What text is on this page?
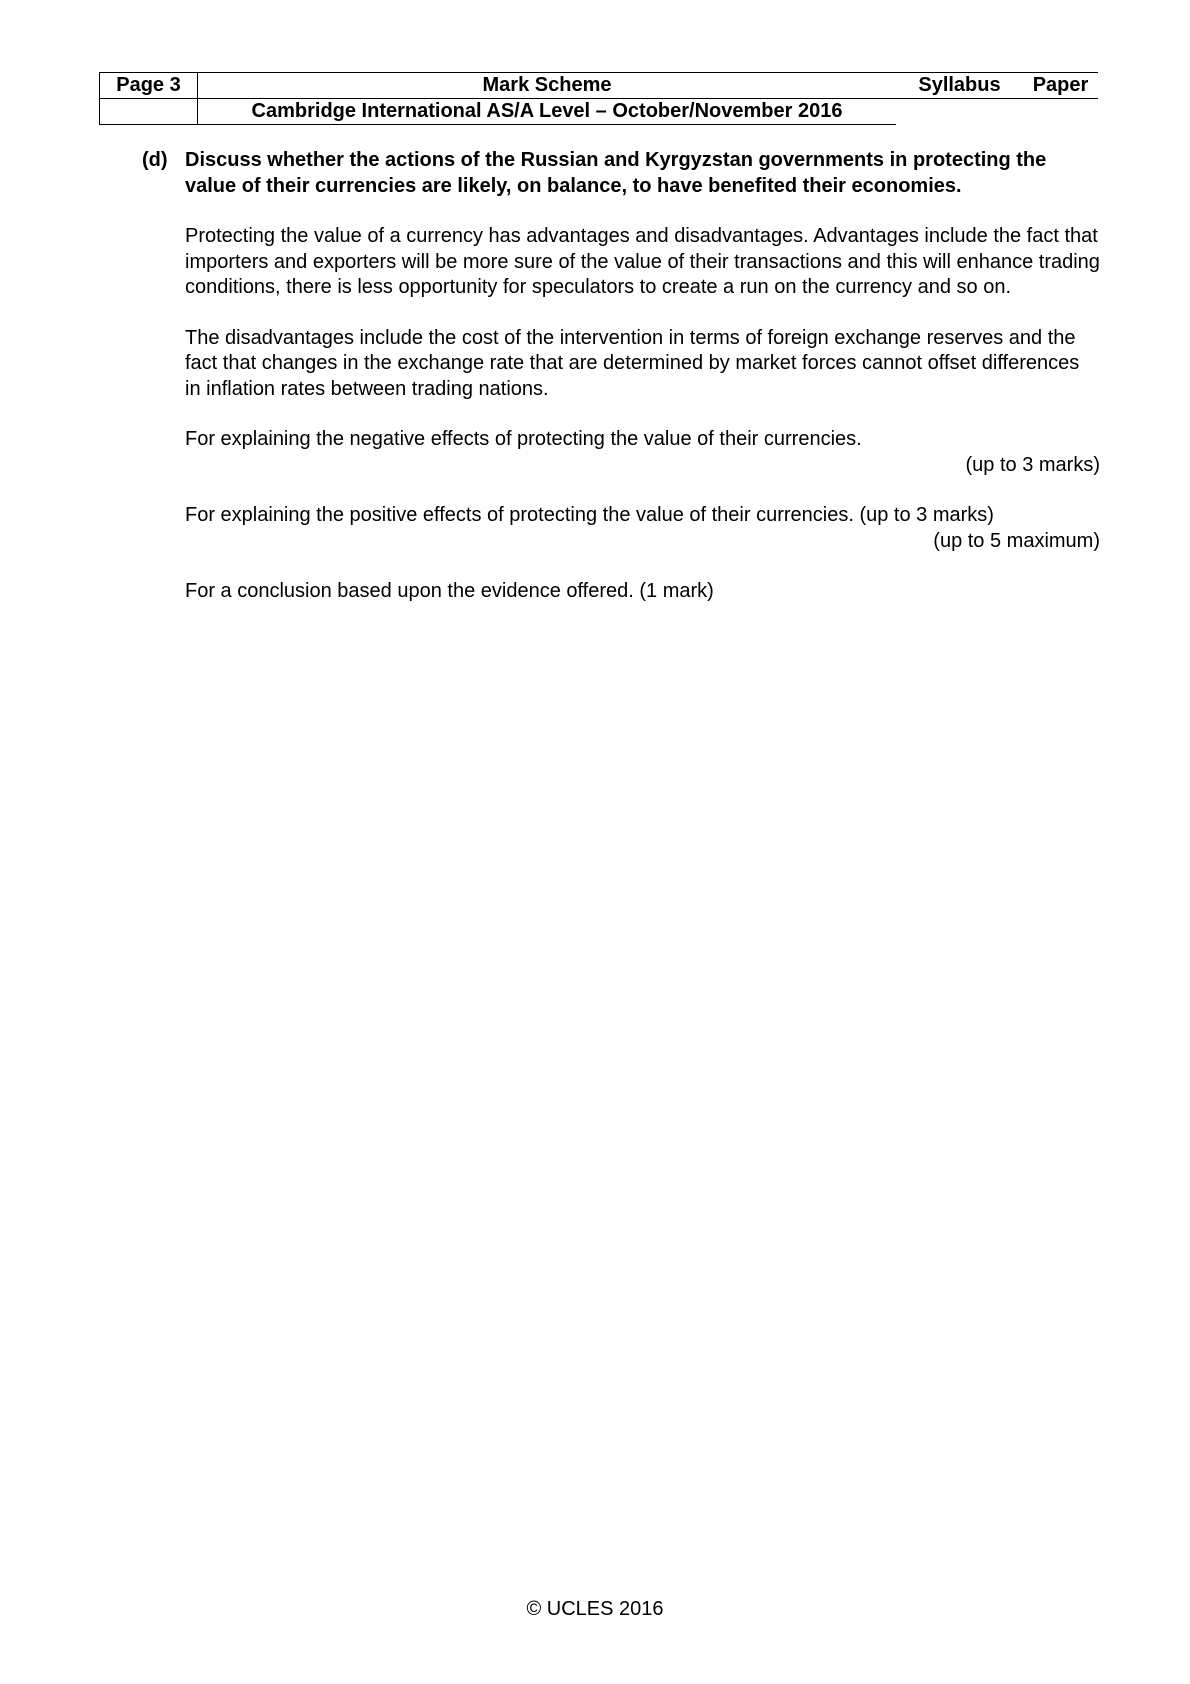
Page 3	Mark Scheme	Syllabus	Paper
	Cambridge International AS/A Level – October/November 2016		
(d) Discuss whether the actions of the Russian and Kyrgyzstan governments in protecting the value of their currencies are likely, on balance, to have benefited their economies.

Protecting the value of a currency has advantages and disadvantages. Advantages include the fact that importers and exporters will be more sure of the value of their transactions and this will enhance trading conditions, there is less opportunity for speculators to create a run on the currency and so on.

The disadvantages include the cost of the intervention in terms of foreign exchange reserves and the fact that changes in the exchange rate that are determined by market forces cannot offset differences in inflation rates between trading nations.

For explaining the negative effects of protecting the value of their currencies.

(up to 3 marks)

For explaining the positive effects of protecting the value of their currencies. (up to 3 marks)

(up to 5 maximum)

For a conclusion based upon the evidence offered. (1 mark)

© UCLES 2016
